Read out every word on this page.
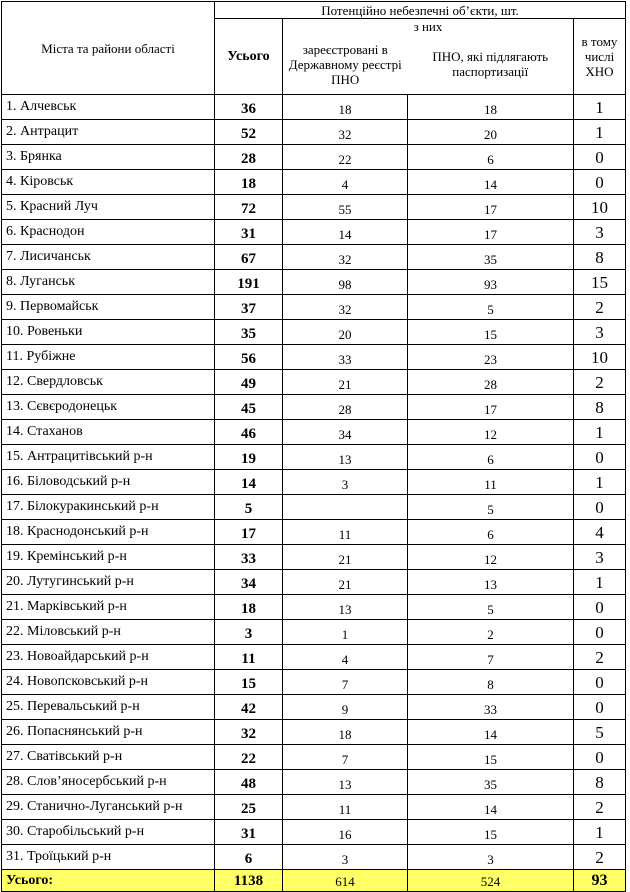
Міста та райони області	Потенційно небезпечні об’єкти, шт.			
	Усього	з них		в тому числі ХНО
		зареєстровані в Державному реєстрі ПНО	ПНО, які підлягають паспортизації	
1. Алчевськ	36	18	18	1
2. Антрацит	52	32	20	1
3. Брянка	28	22	6	0
4. Кіровськ	18	4	14	0
5. Красний Луч	72	55	17	10
6. Краснодон	31	14	17	3
7. Лисичанськ	67	32	35	8
8. Луганськ	191	98	93	15
9. Первомайськ	37	32	5	2
10. Ровеньки	35	20	15	3
11. Рубіжне	56	33	23	10
12. Свердловськ	49	21	28	2
13. Сєвєродонецьк	45	28	17	8
14. Стаханов	46	34	12	1
15. Антрацитівський р-н	19	13	6	0
16. Біловодський р-н	14	3	11	1
17. Білокуракинський р-н	5		5	0
18. Краснодонський р-н	17	11	6	4
19. Кремінський р-н	33	21	12	3
20. Лутугинський р-н	34	21	13	1
21. Марківський р-н	18	13	5	0
22. Міловський р-н	3	1	2	0
23. Новоайдарський р-н	11	4	7	2
24. Новопсковський р-н	15	7	8	0
25. Перевальський р-н	42	9	33	0
26. Попаснянський р-н	32	18	14	5
27. Сватівський р-н	22	7	15	0
28. Слов’яносербський р-н	48	13	35	8
29. Станично-Луганський р-н	25	11	14	2
30. Старобільський р-н	31	16	15	1
31. Троїцький р-н	6	3	3	2
Усього:	1138	614	524	93
